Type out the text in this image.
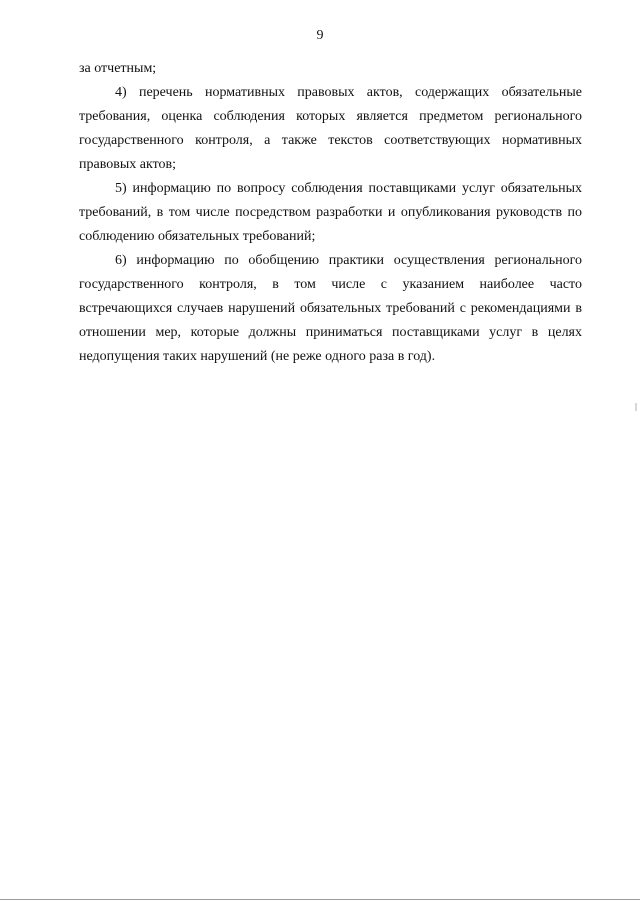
9

за отчетным;

4) перечень нормативных правовых актов, содержащих обязательные требования, оценка соблюдения которых является предметом регионального государственного контроля, а также текстов соответствующих нормативных правовых актов;

5) информацию по вопросу соблюдения поставщиками услуг обязательных требований, в том числе посредством разработки и опубликования руководств по соблюдению обязательных требований;

6) информацию по обобщению практики осуществления регионального государственного контроля, в том числе с указанием наиболее часто встречающихся случаев нарушений обязательных требований с рекомендациями в отношении мер, которые должны приниматься поставщиками услуг в целях недопущения таких нарушений (не реже одного раза в год).
